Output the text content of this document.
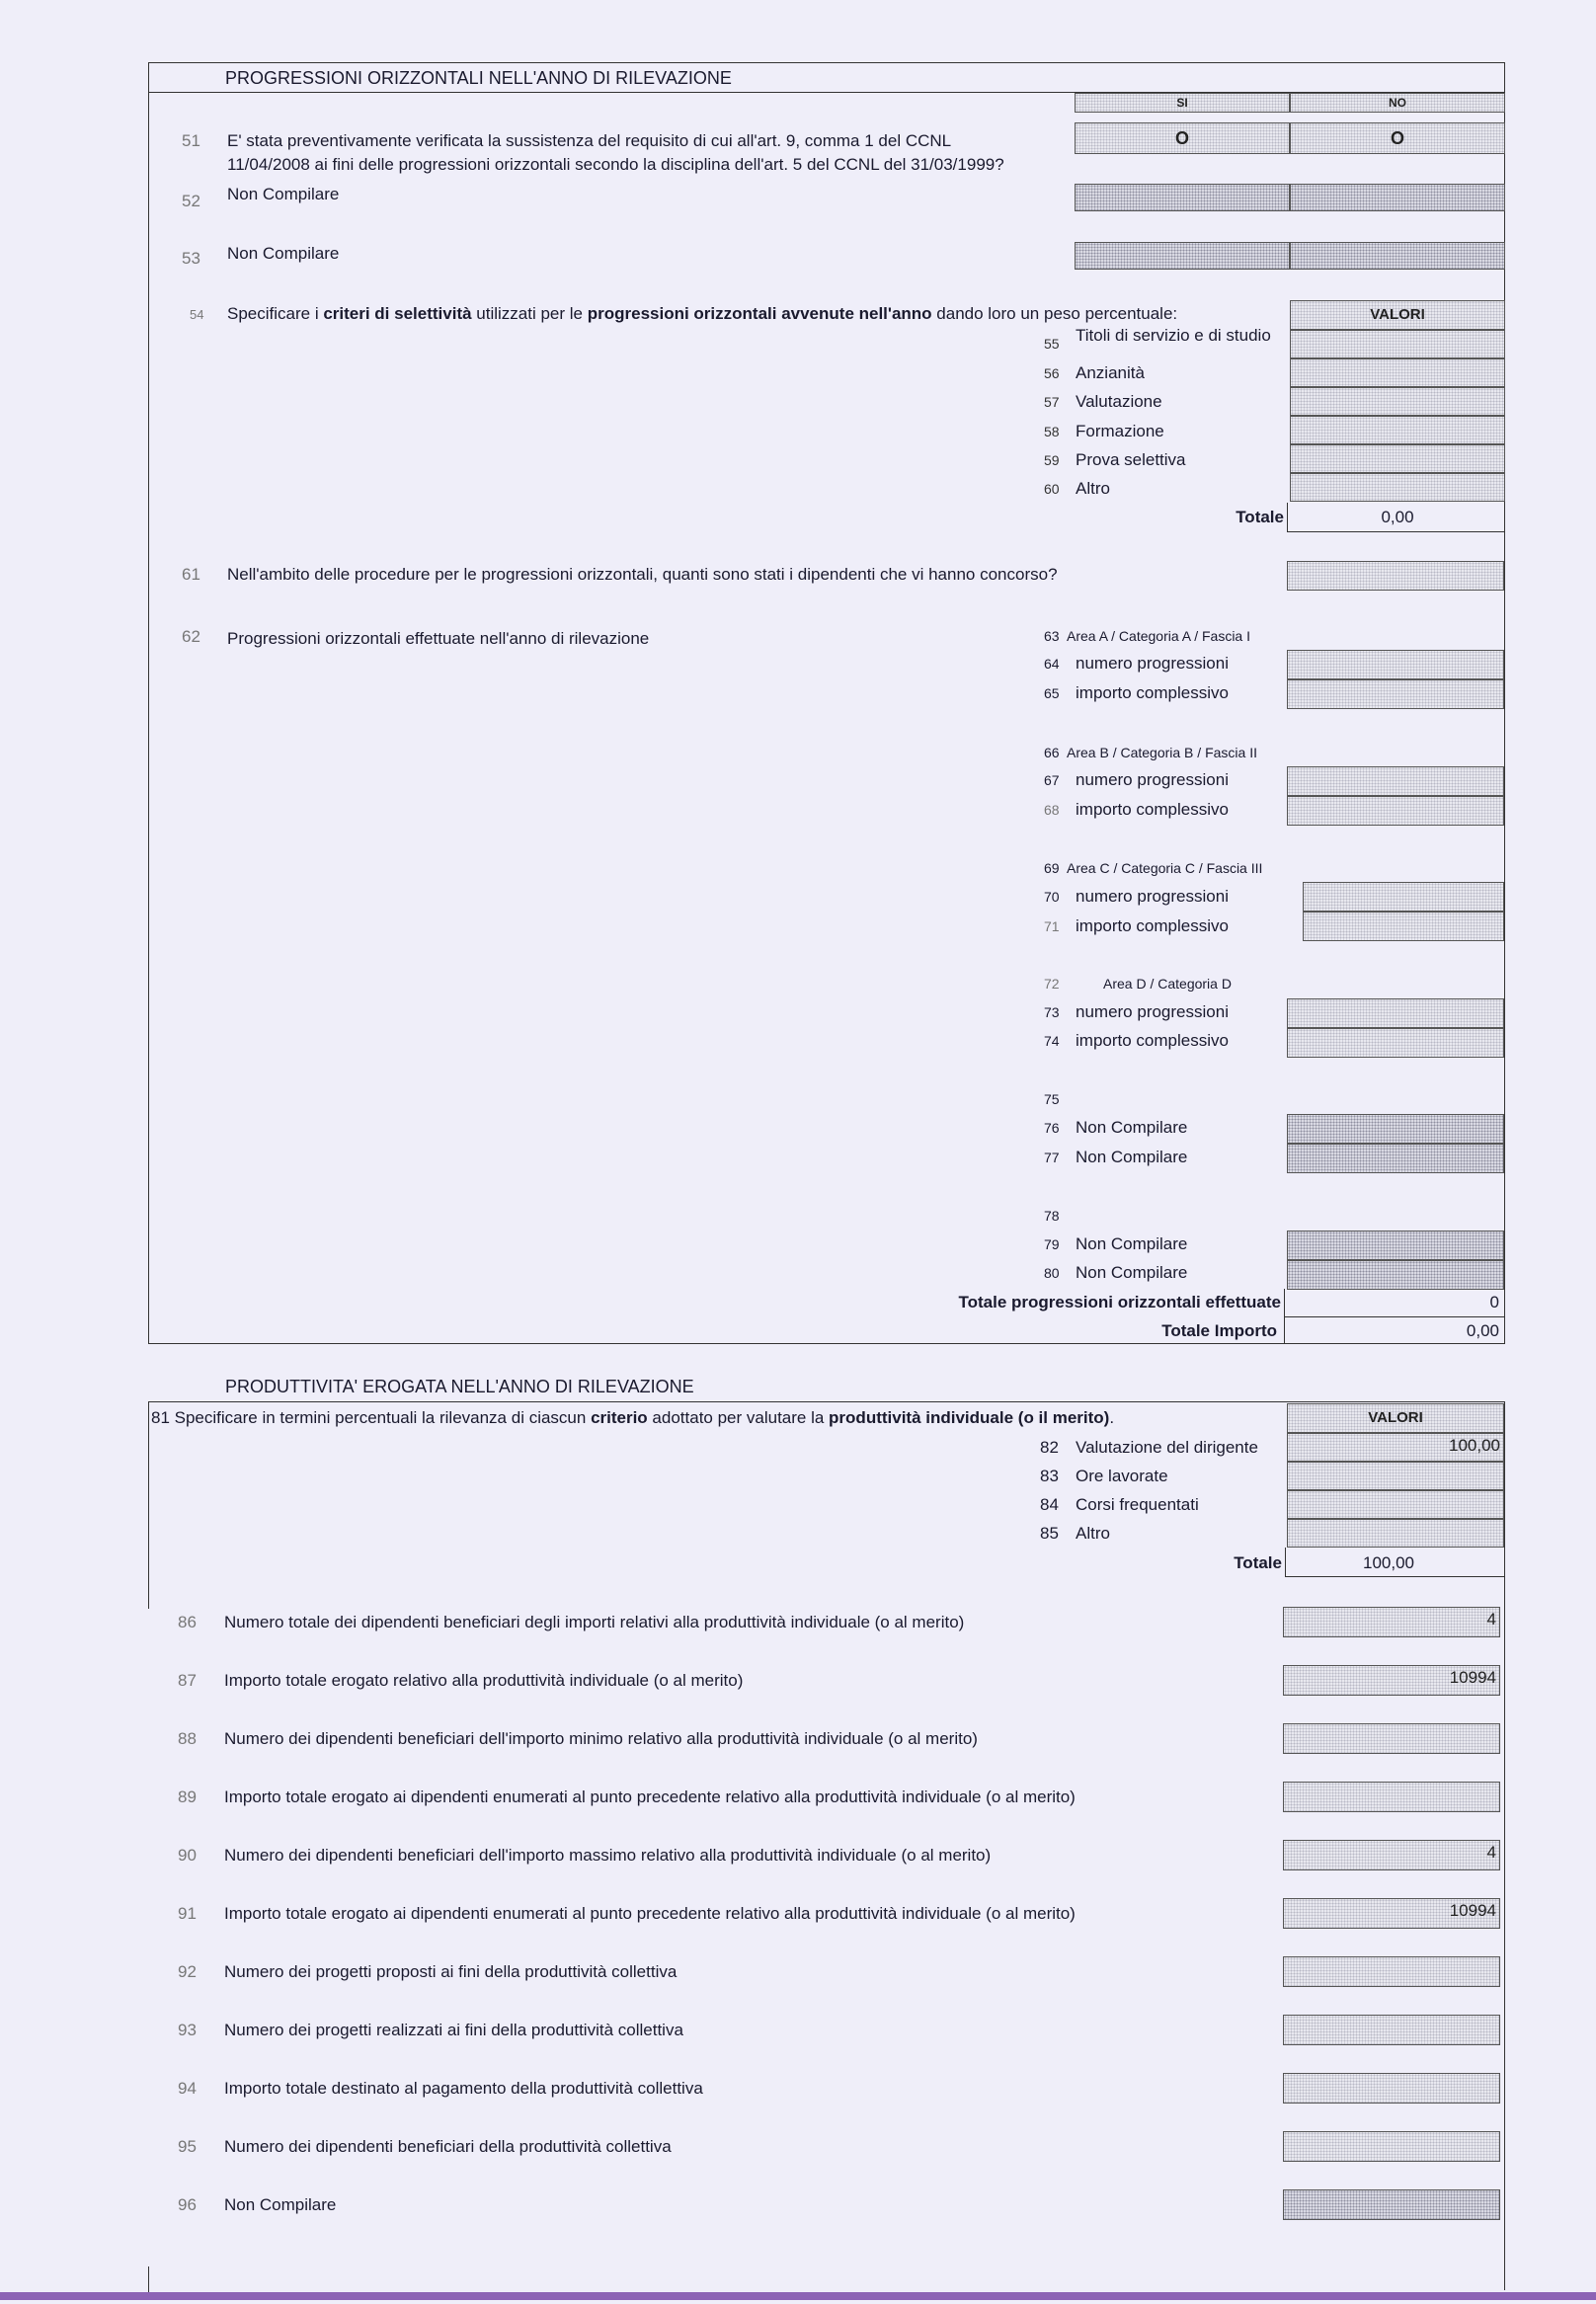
PROGRESSIONI ORIZZONTALI NELL'ANNO DI RILEVAZIONE
SI	NO
51 E' stata preventivamente verificata la sussistenza del requisito di cui all'art. 9, comma 1 del CCNL
11/04/2008 ai fini delle progressioni orizzontali secondo la disciplina dell'art. 5 del CCNL del 31/03/1999?
O	O
52 Non Compilare
53 Non Compilare
54 Specificare i criteri di selettività utilizzati per le progressioni orizzontali avvenute nell'anno dando loro un peso percentuale:	VALORI
55 Titoli di servizio e di studio
56 Anzianità
57 Valutazione
58 Formazione
59 Prova selettiva
60 Altro
Totale	0,00
61 Nell'ambito delle procedure per le progressioni orizzontali, quanti sono stati i dipendenti che vi hanno concorso?
62 Progressioni orizzontali effettuate nell'anno di rilevazione	63 Area A / Categoria A / Fascia I
64 numero progressioni
65 importo complessivo
66 Area B / Categoria B / Fascia II
67 numero progressioni
68 importo complessivo
69 Area C / Categoria C / Fascia III
70 numero progressioni
71 importo complessivo
72	Area D / Categoria D
73 numero progressioni
74 importo complessivo
75
76 Non Compilare
77 Non Compilare
78
79 Non Compilare
80 Non Compilare
Totale progressioni orizzontali effettuate	0
Totale Importo	0,00
PRODUTTIVITA' EROGATA NELL'ANNO DI RILEVAZIONE
81 Specificare in termini percentuali la rilevanza di ciascun criterio adottato per valutare la produttività individuale (o il merito).	VALORI
82 Valutazione del dirigente	100,00
83 Ore lavorate
84 Corsi frequentati
85 Altro
Totale	100,00
86 Numero totale dei dipendenti beneficiari degli importi relativi alla produttività individuale (o al merito)	4
87 Importo totale erogato relativo alla produttività individuale (o al merito)	10994
88 Numero dei dipendenti beneficiari dell'importo minimo relativo alla produttività individuale (o al merito)
89 Importo totale erogato ai dipendenti enumerati al punto precedente relativo alla produttività individuale (o al merito)
90 Numero dei dipendenti beneficiari dell'importo massimo relativo alla produttività individuale (o al merito)	4
91 Importo totale erogato ai dipendenti enumerati al punto precedente relativo alla produttività individuale (o al merito)	10994
92 Numero dei progetti proposti ai fini della produttività collettiva
93 Numero dei progetti realizzati ai fini della produttività collettiva
94 Importo totale destinato al pagamento della produttività collettiva
95 Numero dei dipendenti beneficiari della produttività collettiva
96 Non Compilare
